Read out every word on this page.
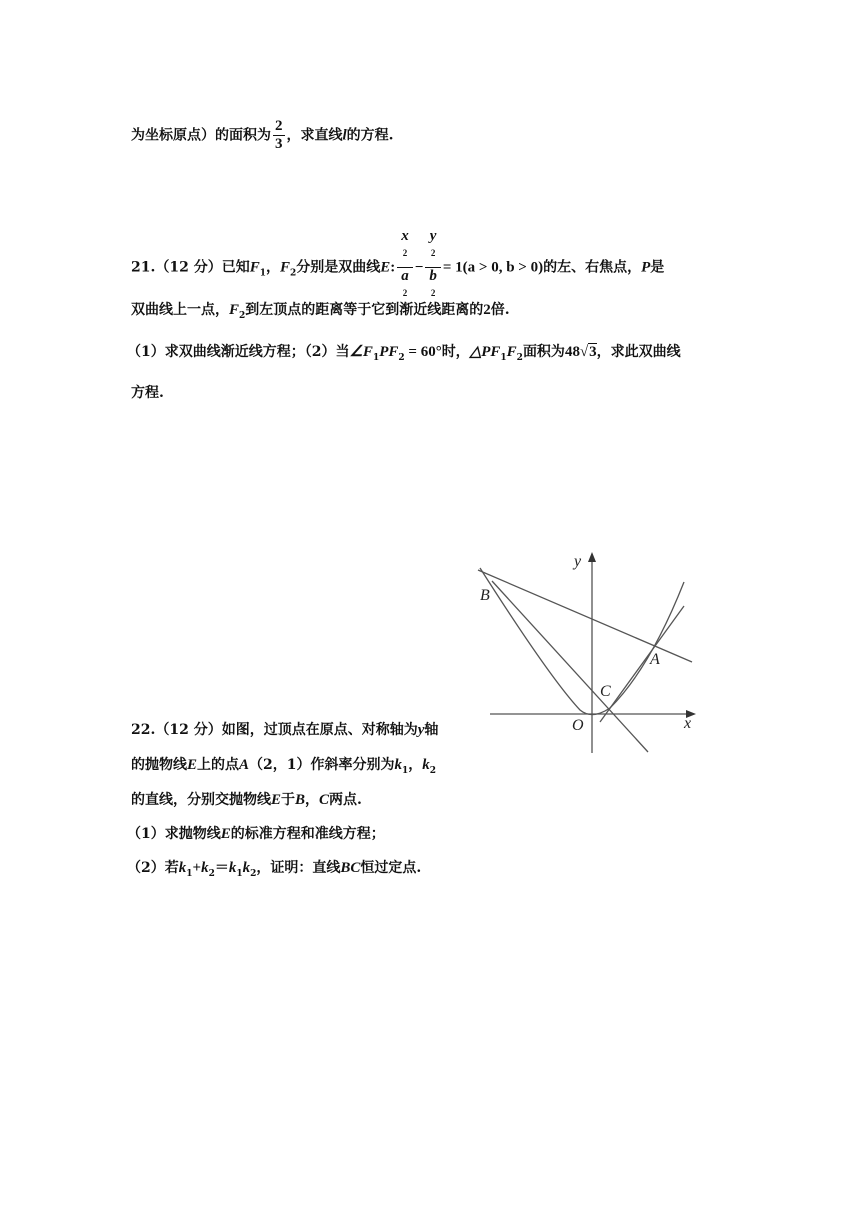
为坐标原点）的面积为 $\frac{2}{3}$ ，求直线l的方程.
21.（12 分）已知$F_1$，$F_2$分别是双曲线E: x
$^2$
a
$^2$ − y
$^2$
b
$^2$ = 1(a > 0, b > 0)的左、右焦点，P是
双曲线上一点，$F_2$到左顶点的距离等于它到渐近线距离的2倍.
（1）求双曲线渐近线方程；（2）当$\angle F_1PF_2 = 60^\circ$时，$\triangle PF_1F_2$面积为48√3，求此双曲线
方程.
y
x
O
A
B
C
22.（12 分）如图，过顶点在原点、对称轴为y轴
的抛物线E上的点A（2，1）作斜率分别为$k_1$，$k_2$
的直线，分别交抛物线E于B，C两点.
（1）求抛物线E的标准方程和准线方程；
（2）若$k_1+k_2=k_1k_2$，证明：直线BC恒过定点.
